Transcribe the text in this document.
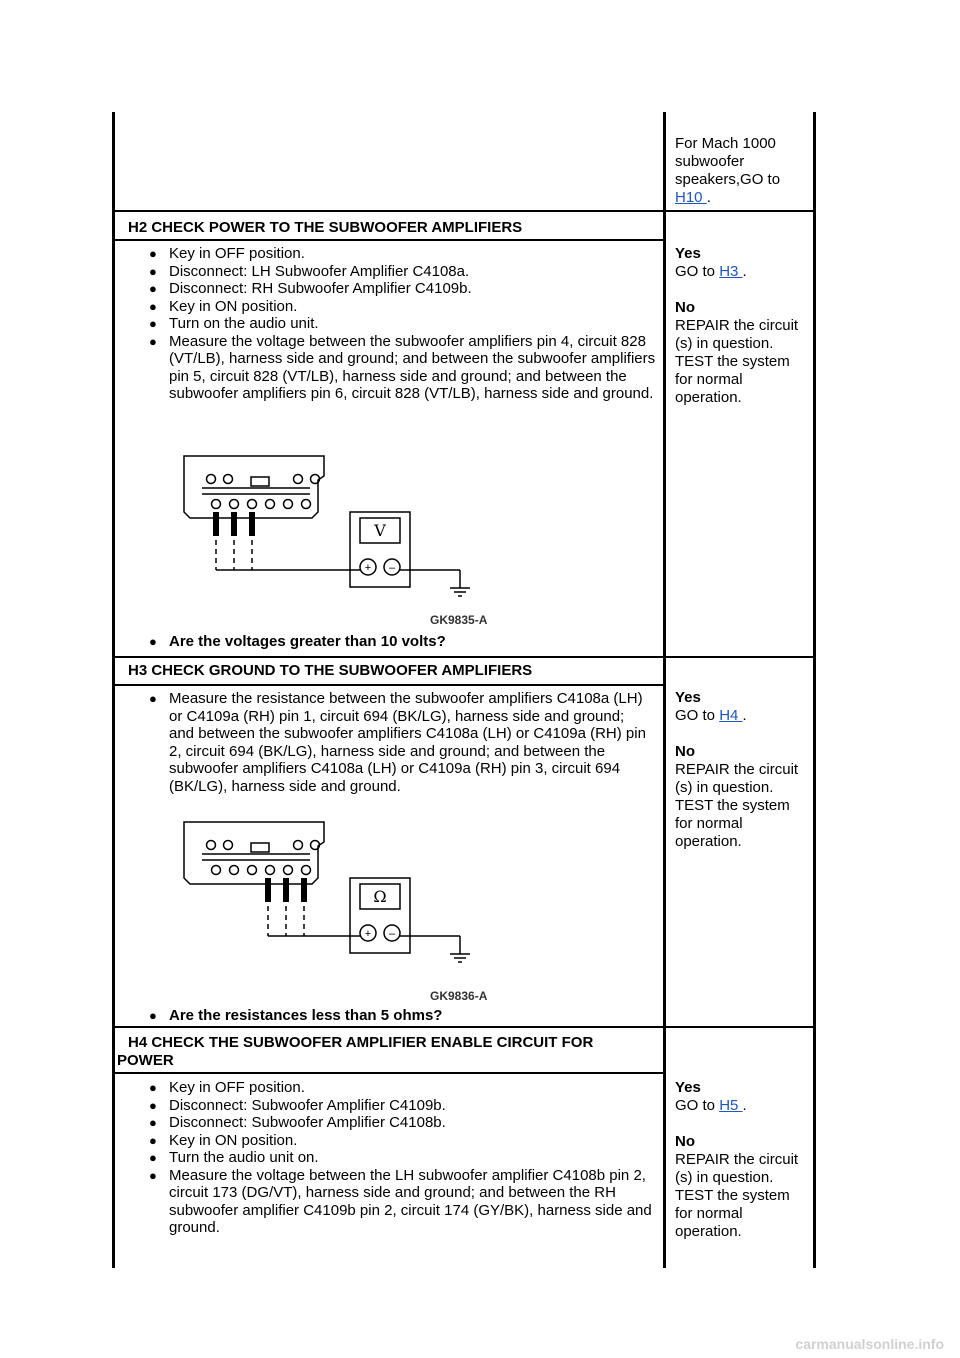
For Mach 1000

subwoofer

speakers,GO to

H10 .

H2 CHECK POWER TO THE SUBWOOFER AMPLIFIERS
● Key in OFF position.
● Disconnect: LH Subwoofer Amplifier C4108a.
● Disconnect: RH Subwoofer Amplifier C4109b.
● Key in ON position.
● Turn on the audio unit.
● Measure the voltage between the subwoofer amplifiers pin 4, circuit 828 (VT/LB), harness side and ground; and between the subwoofer amplifiers pin 5, circuit 828 (VT/LB), harness side and ground; and between the subwoofer amplifiers pin 6, circuit 828 (VT/LB), harness side and ground.
V
+ –
GK9835-A
● Are the voltages greater than 10 volts?

Yes

GO to H3 .

No

REPAIR the circuit

(s) in question.

TEST the system

for normal

operation.

H3 CHECK GROUND TO THE SUBWOOFER AMPLIFIERS
● Measure the resistance between the subwoofer amplifiers C4108a (LH) or C4109a (RH) pin 1, circuit 694 (BK/LG), harness side and ground; and between the subwoofer amplifiers C4108a (LH) or C4109a (RH) pin 2, circuit 694 (BK/LG), harness side and ground; and between the subwoofer amplifiers C4108a (LH) or C4109a (RH) pin 3, circuit 694 (BK/LG), harness side and ground.
Ω
+ –
GK9836-A
● Are the resistances less than 5 ohms?

Yes

GO to H4 .

No

REPAIR the circuit

(s) in question.

TEST the system

for normal

operation.

H4 CHECK THE SUBWOOFER AMPLIFIER ENABLE CIRCUIT FOR
POWER
● Key in OFF position.
● Disconnect: Subwoofer Amplifier C4109b.
● Disconnect: Subwoofer Amplifier C4108b.
● Key in ON position.
● Turn the audio unit on.
● Measure the voltage between the LH subwoofer amplifier C4108b pin 2, circuit 173 (DG/VT), harness side and ground; and between the RH subwoofer amplifier C4109b pin 2, circuit 174 (GY/BK), harness side and ground.

Yes

GO to H5 .

No

REPAIR the circuit

(s) in question.

TEST the system

for normal

operation.

carmanualsonline.info
